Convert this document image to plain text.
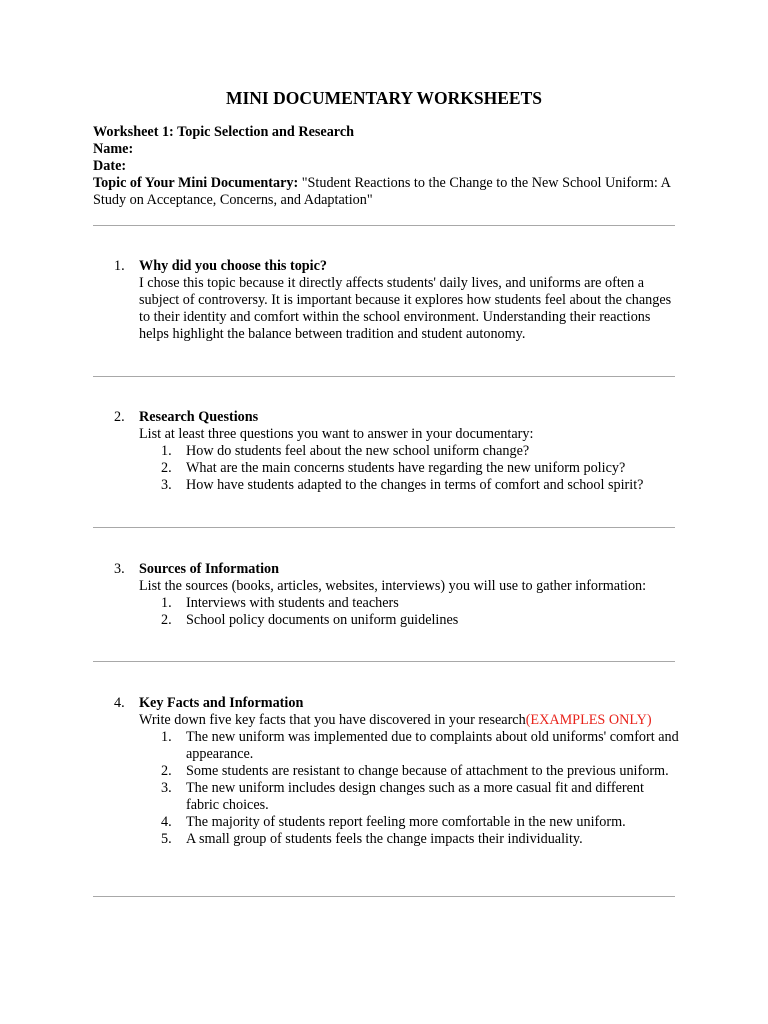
MINI DOCUMENTARY WORKSHEETS
Worksheet 1: Topic Selection and Research
Name:
Date:
Topic of Your Mini Documentary: "Student Reactions to the Change to the New School Uniform: A Study on Acceptance, Concerns, and Adaptation"
1.	Why did you choose this topic?

I chose this topic because it directly affects students' daily lives, and uniforms are often a subject of controversy. It is important because it explores how students feel about the changes to their identity and comfort within the school environment. Understanding their reactions helps highlight the balance between tradition and student autonomy.

2.	Research Questions

List at least three questions you want to answer in your documentary:

1.	How do students feel about the new school uniform change?
2.	What are the main concerns students have regarding the new uniform policy?
3.	How have students adapted to the changes in terms of comfort and school spirit?
3.	Sources of Information

List the sources (books, articles, websites, interviews) you will use to gather information:

1.	Interviews with students and teachers
2.	School policy documents on uniform guidelines
4.	Key Facts and Information

Write down five key facts that you have discovered in your research(EXAMPLES ONLY)

1.	The new uniform was implemented due to complaints about old uniforms' comfort and appearance.
2.	Some students are resistant to change because of attachment to the previous uniform.
3.	The new uniform includes design changes such as a more casual fit and different fabric choices.
4.	The majority of students report feeling more comfortable in the new uniform.
5.	A small group of students feels the change impacts their individuality.
